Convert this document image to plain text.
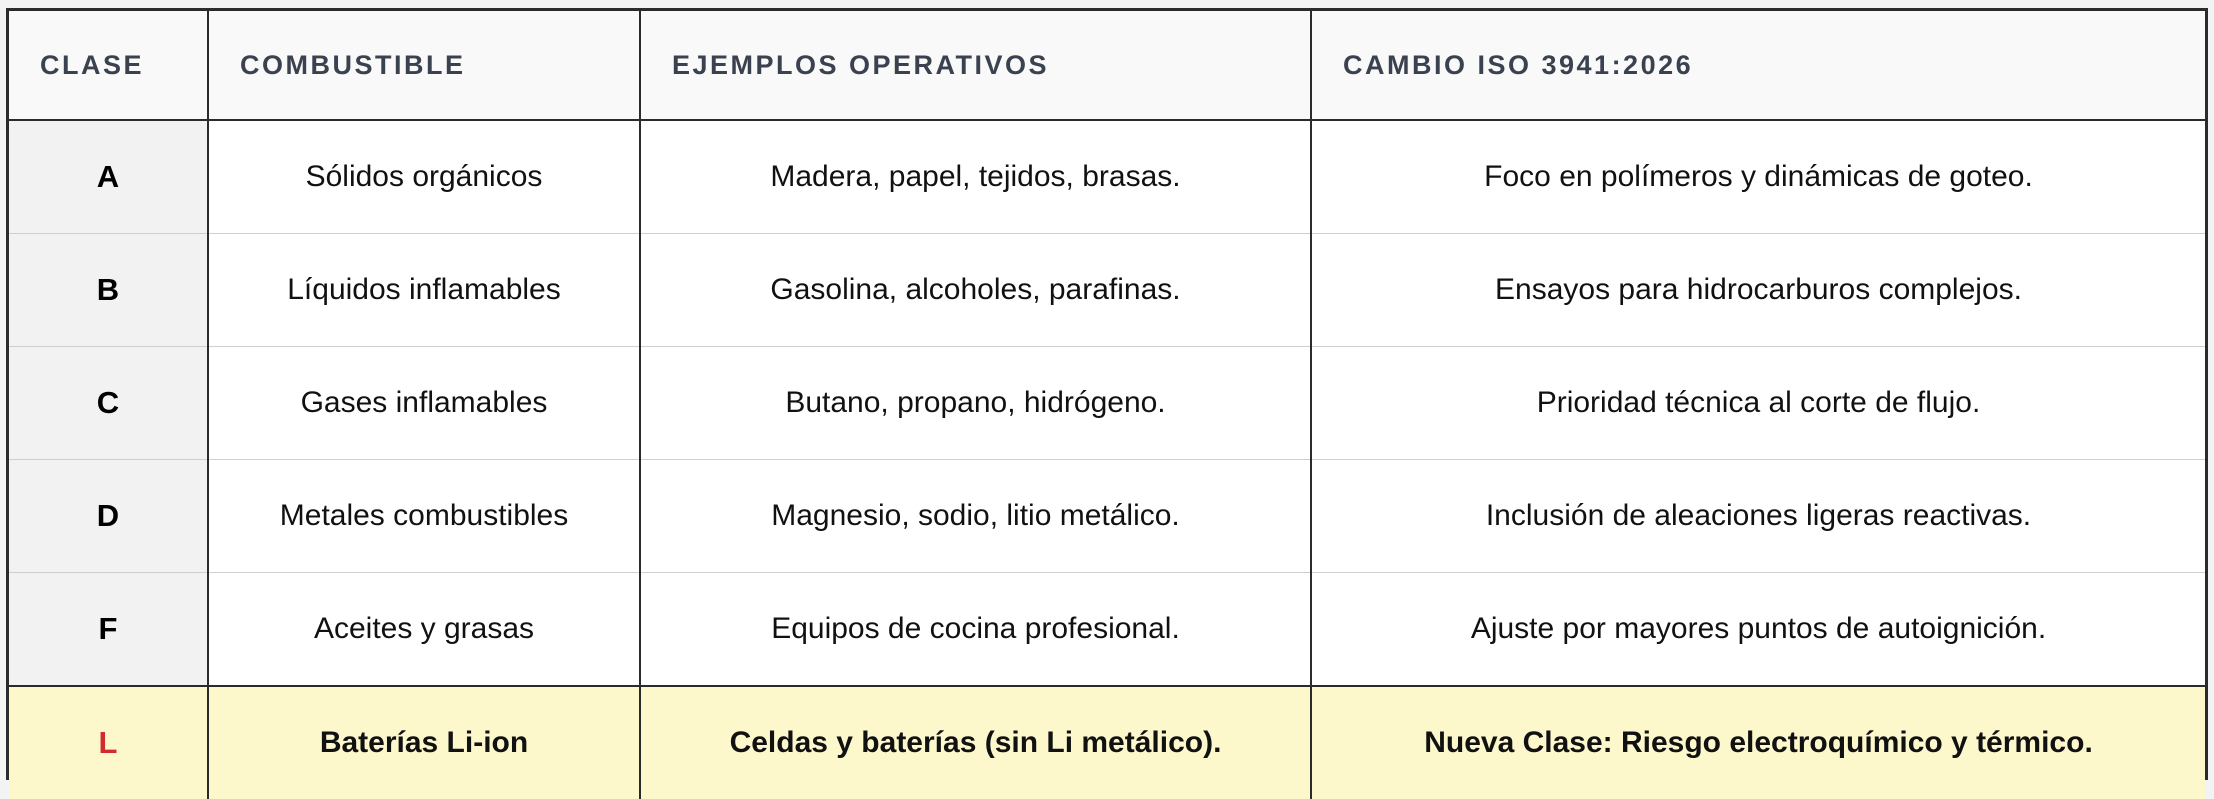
CLASE	COMBUSTIBLE	EJEMPLOS OPERATIVOS	CAMBIO ISO 3941:2026
A	Sólidos orgánicos	Madera, papel, tejidos, brasas.	Foco en polímeros y dinámicas de goteo.
B	Líquidos inflamables	Gasolina, alcoholes, parafinas.	Ensayos para hidrocarburos complejos.
C	Gases inflamables	Butano, propano, hidrógeno.	Prioridad técnica al corte de flujo.
D	Metales combustibles	Magnesio, sodio, litio metálico.	Inclusión de aleaciones ligeras reactivas.
F	Aceites y grasas	Equipos de cocina profesional.	Ajuste por mayores puntos de autoignición.
L	Baterías Li-ion	Celdas y baterías (sin Li metálico).	Nueva Clase: Riesgo electroquímico y térmico.
